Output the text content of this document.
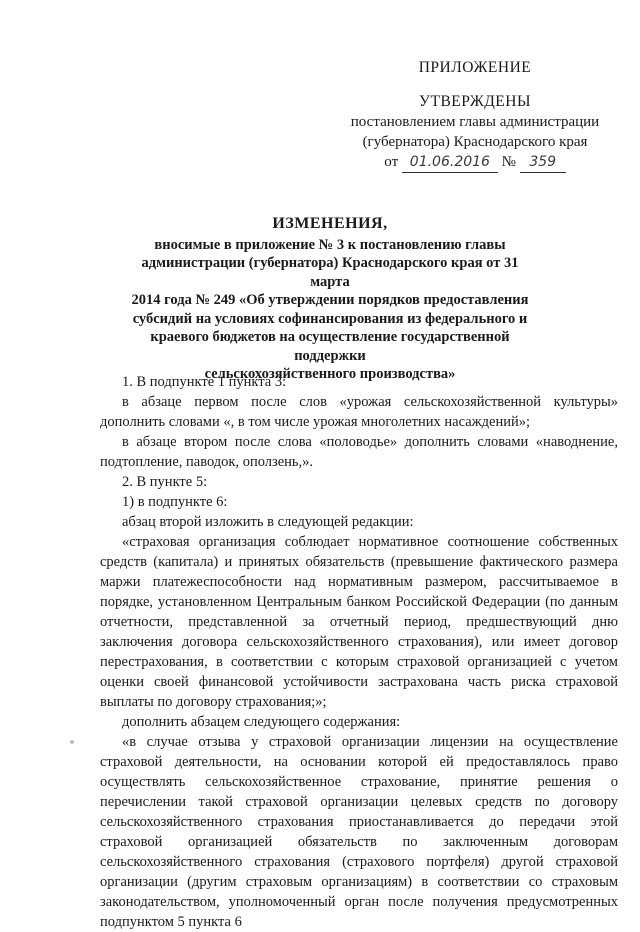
ПРИЛОЖЕНИЕ
УТВЕРЖДЕНЫ
постановлением главы администрации
(губернатора) Краснодарского края
от 01.06.2016 № 359
ИЗМЕНЕНИЯ,
вносимые в приложение № 3 к постановлению главы
администрации (губернатора) Краснодарского края от 31 марта
2014 года № 249 «Об утверждении порядков предоставления
субсидий на условиях софинансирования из федерального и
краевого бюджетов на осуществление государственной поддержки
сельскохозяйственного производства»

1. В подпункте 1 пункта 3:

в абзаце первом после слов «урожая сельскохозяйственной культуры» дополнить словами «, в том числе урожая многолетних насаждений»;

в абзаце втором после слова «половодье» дополнить словами «наводнение, подтопление, паводок, оползень,».

2. В пункте 5:

1) в подпункте 6:

абзац второй изложить в следующей редакции:

«страховая организация соблюдает нормативное соотношение собственных средств (капитала) и принятых обязательств (превышение фактического размера маржи платежеспособности над нормативным размером, рассчитываемое в порядке, установленном Центральным банком Российской Федерации (по данным отчетности, представленной за отчетный период, предшествующий дню заключения договора сельскохозяйственного страхования), или имеет договор перестрахования, в соответствии с которым страховой организацией с учетом оценки своей финансовой устойчивости застрахована часть риска страховой выплаты по договору страхования;»;

дополнить абзацем следующего содержания:

«в случае отзыва у страховой организации лицензии на осуществление страховой деятельности, на основании которой ей предоставлялось право осуществлять сельскохозяйственное страхование, принятие решения о перечислении такой страховой организации целевых средств по договору сельскохозяйственного страхования приостанавливается до передачи этой страховой организацией обязательств по заключенным договорам сельскохозяйственного страхования (страхового портфеля) другой страховой организации (другим страховым организациям) в соответствии со страховым законодательством, уполномоченный орган после получения предусмотренных подпунктом 5 пункта 6
